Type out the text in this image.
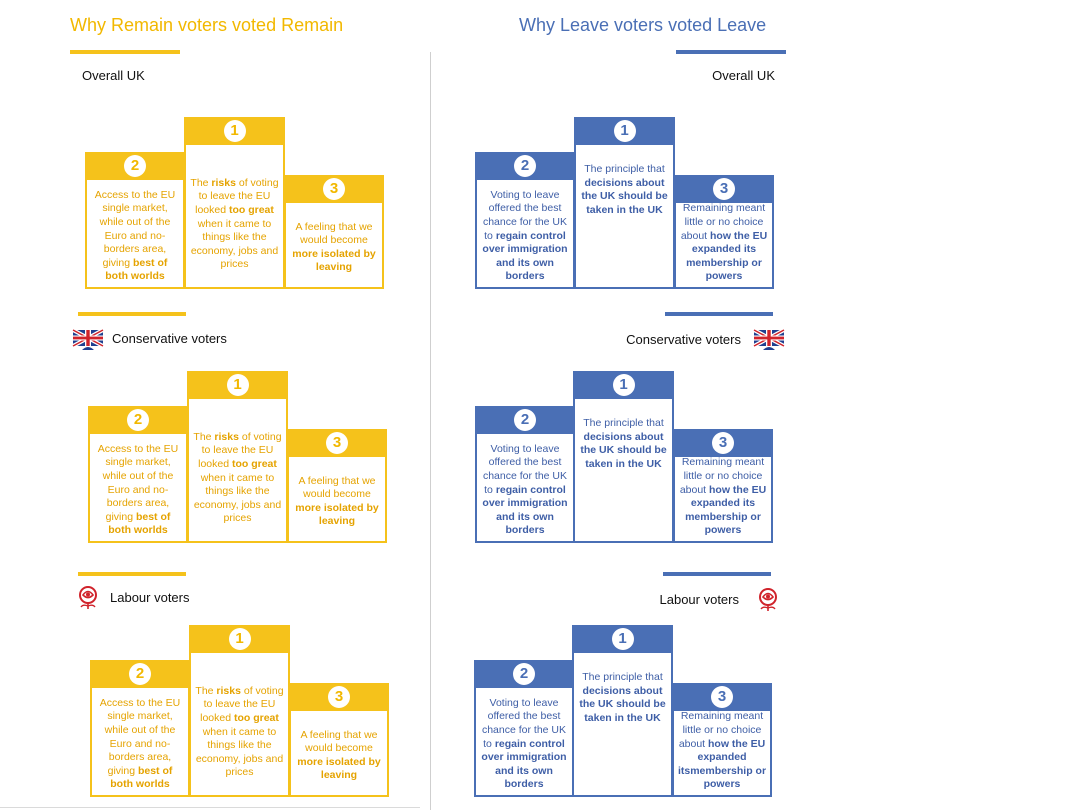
Why Remain voters voted Remain	Why Leave voters voted Leave
Overall UK
Conservative voters
Labour voters
Overall UK
Conservative voters
Labour voters
2
Access to the EU single market, while out of the Euro and no-borders area, giving best of both worlds
1
The risks of voting to leave the EU looked too great when it came to things like the economy, jobs and prices
3
A feeling that we would become more isolated by leaving
2
Access to the EU single market, while out of the Euro and no-borders area, giving best of both worlds
1
The risks of voting to leave the EU looked too great when it came to things like the economy, jobs and prices
3
A feeling that we would become more isolated by leaving
2
Access to the EU single market, while out of the Euro and no-borders area, giving best of both worlds
1
The risks of voting to leave the EU looked too great when it came to things like the economy, jobs and prices
3
A feeling that we would become more isolated by leaving
2
Voting to leave offered the best chance for the UK to regain control over immigration and its own borders
1
The principle that decisions about the UK should be taken in the UK
3
Remaining meant little or no choice about how the EU expanded its membership or powers
2
Voting to leave offered the best chance for the UK to regain control over immigration and its own borders
1
The principle that decisions about the UK should be taken in the UK
3
Remaining meant little or no choice about how the EU expanded its membership or powers
2
Voting to leave offered the best chance for the UK to regain control over immigration and its own borders
1
The principle that decisions about the UK should be taken in the UK
3
Remaining meant little or no choice about how the EU expanded itsmembership or powers
